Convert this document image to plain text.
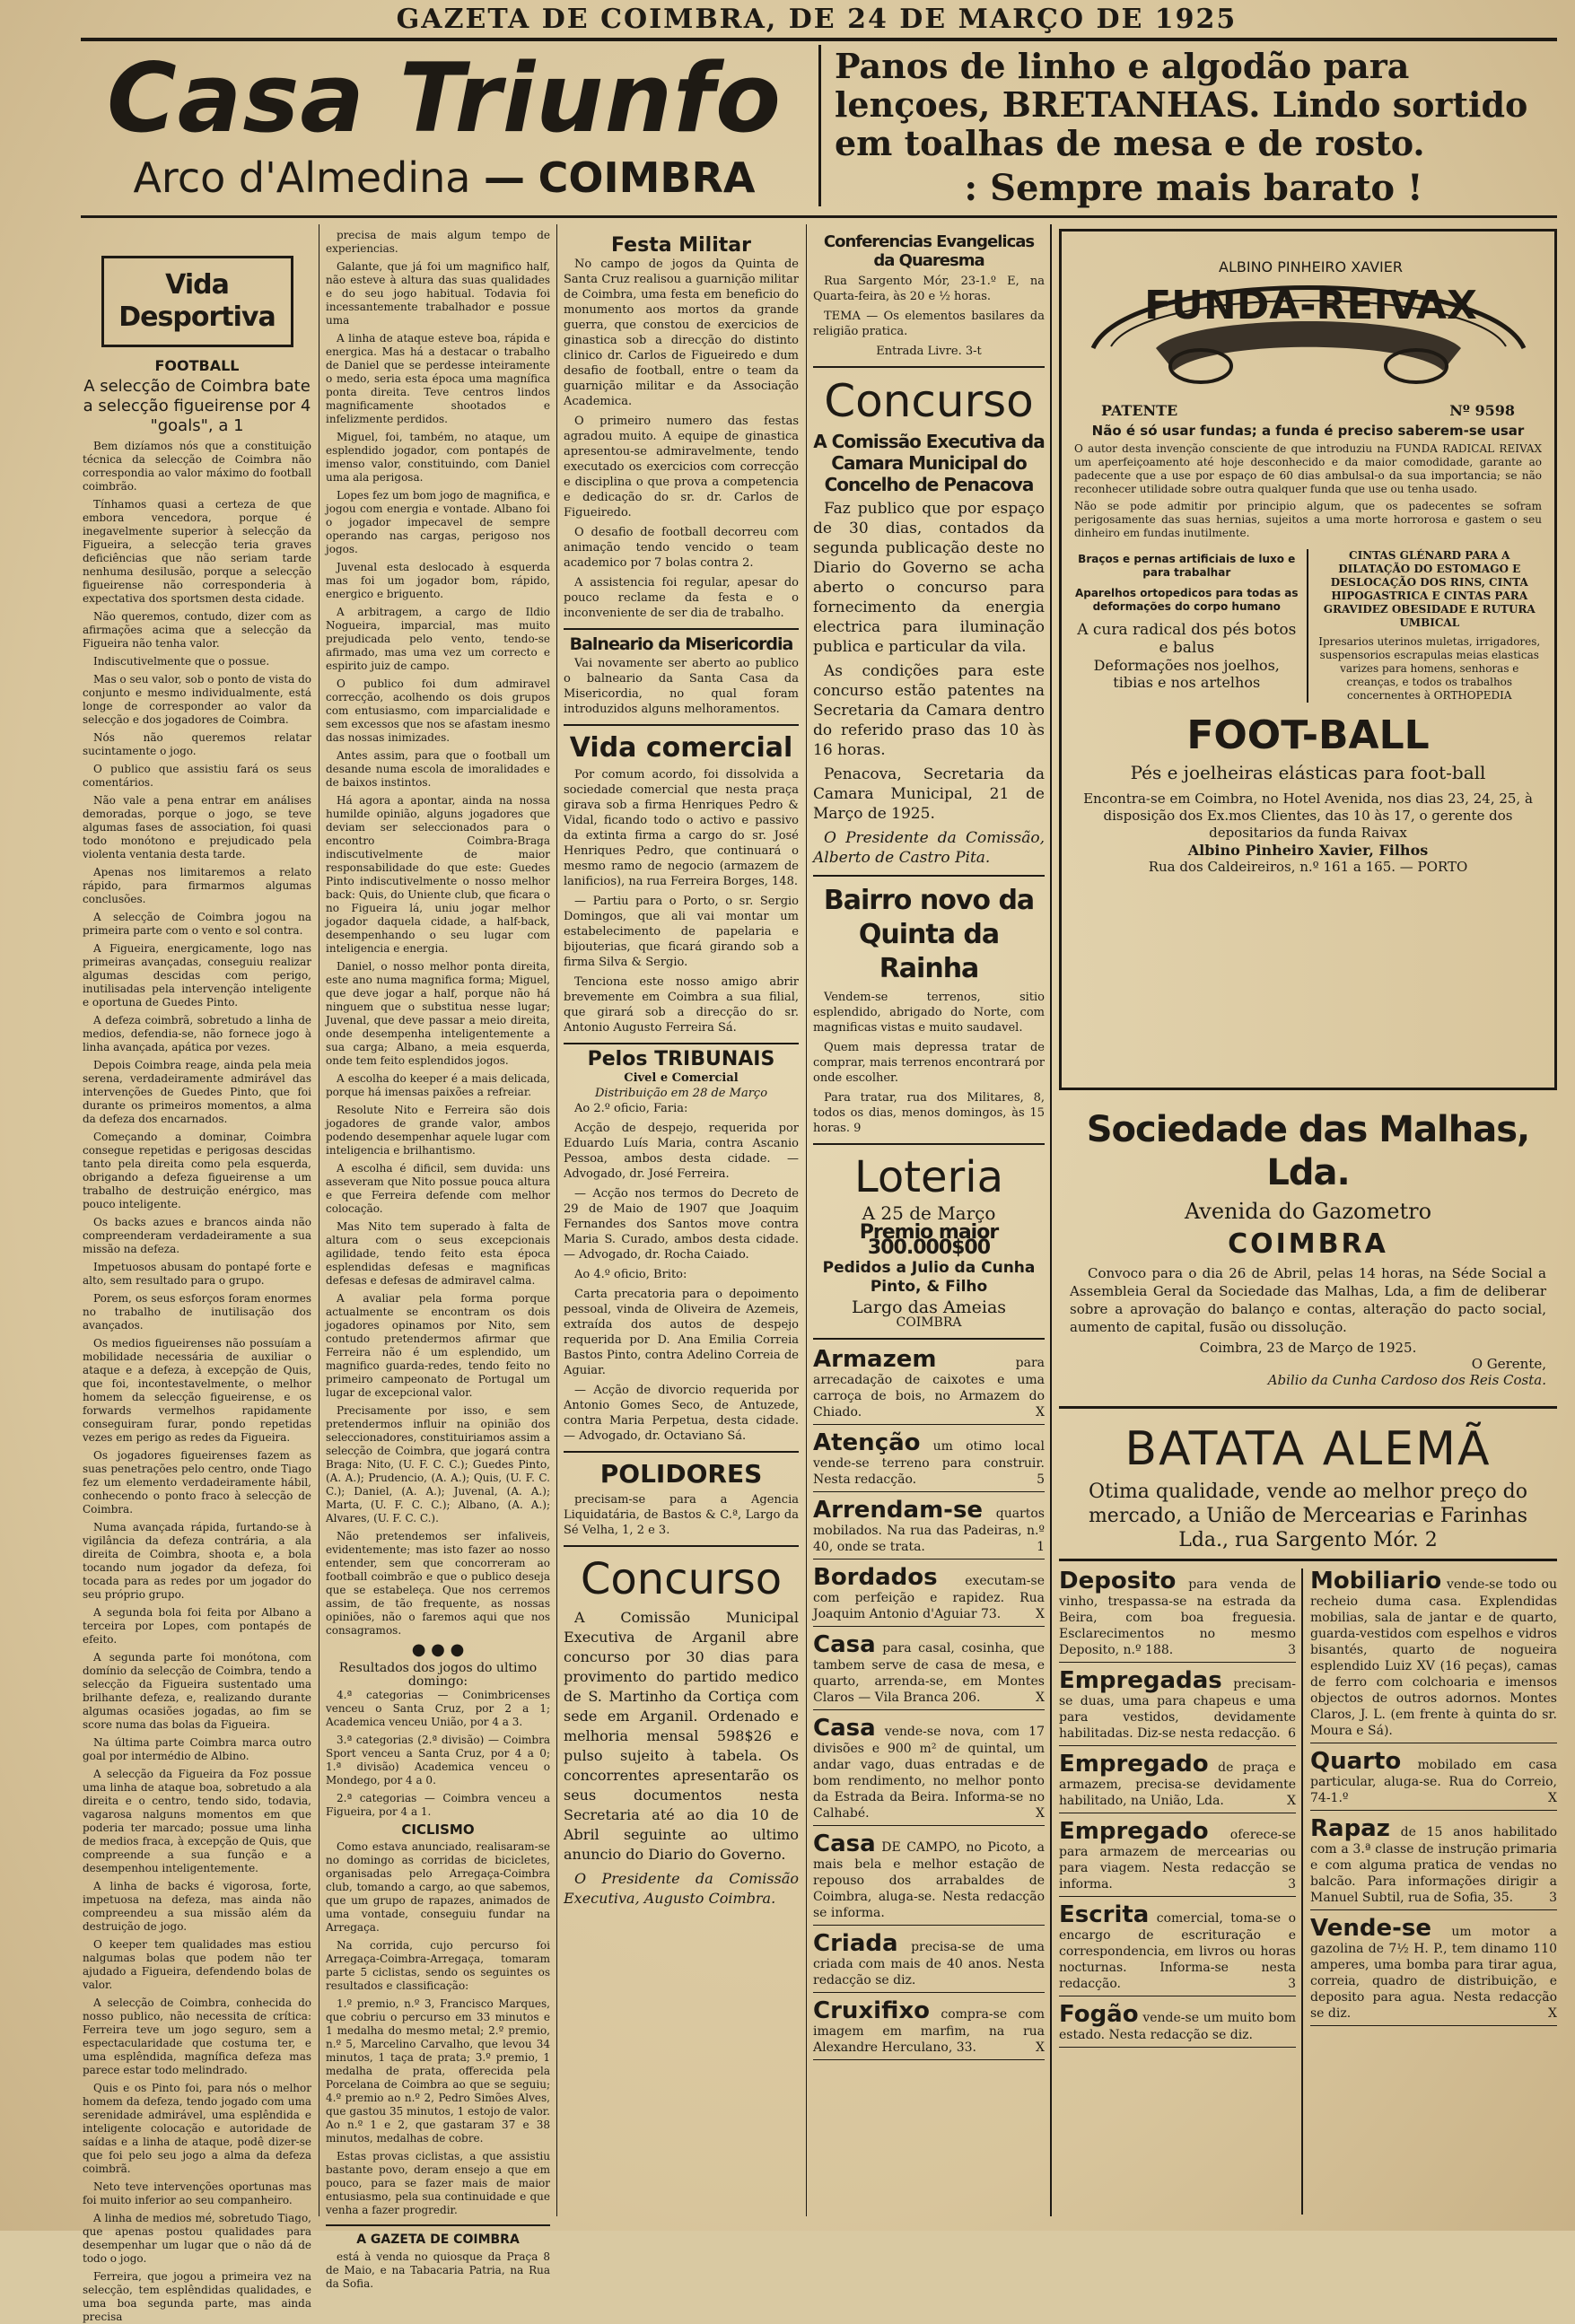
GAZETA DE COIMBRA, DE 24 DE MARÇO DE 1925
Casa Triunfo
Arco d'Almedina — COIMBRA
Panos de linho e algodão para lençoes, BRETANHAS. Lindo sortido em toalhas de mesa e de rosto.
: Sempre mais barato !
Vida Desportiva
FOOTBALL
A selecção de Coimbra bate a selecção figueirense por 4 "goals", a 1

Bem dizíamos nós que a constituição técnica da selecção de Coimbra não correspondia ao valor máximo do football coimbrão.

Tínhamos quasi a certeza de que embora vencedora, porque é inegavelmente superior à selecção da Figueira, a selecção teria graves deficiências que não seriam tarde nenhuma desilusão, porque a selecção figueirense não corresponderia à expectativa dos sportsmen desta cidade.

Não queremos, contudo, dizer com as afirmações acima que a selecção da Figueira não tenha valor.

Indiscutivelmente que o possue.

Mas o seu valor, sob o ponto de vista do conjunto e mesmo individualmente, está longe de corresponder ao valor da selecção e dos jogadores de Coimbra.

Nós não queremos relatar sucintamente o jogo.

O publico que assistiu fará os seus comentários.

Não vale a pena entrar em análises demoradas, porque o jogo, se teve algumas fases de association, foi quasi todo monótono e prejudicado pela violenta ventania desta tarde.

Apenas nos limitaremos a relato rápido, para firmarmos algumas conclusões.

A selecção de Coimbra jogou na primeira parte com o vento e sol contra.

A Figueira, energicamente, logo nas primeiras avançadas, conseguiu realizar algumas descidas com perigo, inutilisadas pela intervenção inteligente e oportuna de Guedes Pinto.

A defeza coimbrã, sobretudo a linha de medios, defendia-se, não fornece jogo à linha avançada, apática por vezes.

Depois Coimbra reage, ainda pela meia serena, verdadeiramente admirável das intervenções de Guedes Pinto, que foi durante os primeiros momentos, a alma da defeza dos encarnados.

Começando a dominar, Coimbra consegue repetidas e perigosas descidas tanto pela direita como pela esquerda, obrigando a defeza figueirense a um trabalho de destruição enérgico, mas pouco inteligente.

Os backs azues e brancos ainda não compreenderam verdadeiramente a sua missão na defeza.

Impetuosos abusam do pontapé forte e alto, sem resultado para o grupo.

Porem, os seus esforços foram enormes no trabalho de inutilisação dos avançados.

Os medios figueirenses não possuíam a mobilidade necessária de auxiliar o ataque e a defeza, à excepção de Quis, que foi, incontestavelmente, o melhor homem da selecção figueirense, e os forwards vermelhos rapidamente conseguiram furar, pondo repetidas vezes em perigo as redes da Figueira.

Os jogadores figueirenses fazem as suas penetrações pelo centro, onde Tiago fez um elemento verdadeiramente hábil, conhecendo o ponto fraco à selecção de Coimbra.

Numa avançada rápida, furtando-se à vigilância da defeza contrária, a ala direita de Coimbra, shoota e, a bola tocando num jogador da defeza, foi tocada para as redes por um jogador do seu próprio grupo.

A segunda bola foi feita por Albano a terceira por Lopes, com pontapés de efeito.

A segunda parte foi monótona, com domínio da selecção de Coimbra, tendo a selecção da Figueira sustentado uma brilhante defeza, e, realizando durante algumas ocasiões jogadas, ao fim se score numa das bolas da Figueira.

Na última parte Coimbra marca outro goal por intermédio de Albino.

A selecção da Figueira da Foz possue uma linha de ataque boa, sobretudo a ala direita e o centro, tendo sido, todavia, vagarosa nalguns momentos em que poderia ter marcado; possue uma linha de medios fraca, à excepção de Quis, que compreende a sua função e a desempenhou inteligentemente.

A linha de backs é vigorosa, forte, impetuosa na defeza, mas ainda não compreendeu a sua missão além da destruição de jogo.

O keeper tem qualidades mas estiou nalgumas bolas que podem não ter ajudado a Figueira, defendendo bolas de valor.

A selecção de Coimbra, conhecida do nosso publico, não necessita de crítica: Ferreira teve um jogo seguro, sem a espectacularidade que costuma ter, e uma esplêndida, magnífica defeza mas parece estar todo melindrado.

Quis e os Pinto foi, para nós o melhor homem da defeza, tendo jogado com uma serenidade admirável, uma esplêndida e inteligente colocação e autoridade de saídas e a linha de ataque, podê dizer-se que foi pelo seu jogo a alma da defeza coimbrã.

Neto teve intervenções oportunas mas foi muito inferior ao seu companheiro.

A linha de medios mé, sobretudo Tiago, que apenas postou qualidades para desempenhar um lugar que o não dá de todo o jogo.

Ferreira, que jogou a primeira vez na selecção, tem esplêndidas qualidades, e uma boa segunda parte, mas ainda precisa

precisa de mais algum tempo de experiencias.

Galante, que já foi um magnifico half, não esteve à altura das suas qualidades e do seu jogo habitual. Todavia foi incessantemente trabalhador e possue uma

A linha de ataque esteve boa, rápida e energica. Mas há a destacar o trabalho de Daniel que se perdesse inteiramente o medo, seria esta época uma magnífica ponta direita. Teve centros lindos magnificamente shootados e infelizmente perdidos.

Miguel, foi, também, no ataque, um esplendido jogador, com pontapés de imenso valor, constituindo, com Daniel uma ala perigosa.

Lopes fez um bom jogo de magnifica, e jogou com energia e vontade. Albano foi o jogador impecavel de sempre operando nas cargas, perigoso nos jogos.

Juvenal esta deslocado à esquerda mas foi um jogador bom, rápido, energico e briguento.

A arbitragem, a cargo de Ildio Nogueira, imparcial, mas muito prejudicada pelo vento, tendo-se afirmado, mas uma vez um correcto e espirito juiz de campo.

O publico foi dum admiravel correcção, acolhendo os dois grupos com entusiasmo, com imparcialidade e sem excessos que nos se afastam inesmo das nossas inimizades.

Antes assim, para que o football um desande numa escola de imoralidades e de baixos instintos.

Há agora a apontar, ainda na nossa humilde opinião, alguns jogadores que deviam ser seleccionados para o encontro Coimbra-Braga indiscutivelmente de maior responsabilidade do que este: Guedes Pinto indiscutivelmente o nosso melhor back: Quis, do Uniente club, que ficara o no Figueira lá, uniu jogar melhor jogador daquela cidade, a half-back, desempenhando o seu lugar com inteligencia e energia.

Daniel, o nosso melhor ponta direita, este ano numa magnifica forma; Miguel, que deve jogar a half, porque não há ninguem que o substitua nesse lugar; Juvenal, que deve passar a meio direita, onde desempenha inteligentemente a sua carga; Albano, a meia esquerda, onde tem feito esplendidos jogos.

A escolha do keeper é a mais delicada, porque há imensas paixões a refreiar.

Resolute Nito e Ferreira são dois jogadores de grande valor, ambos podendo desempenhar aquele lugar com inteligencia e brilhantismo.

A escolha é dificil, sem duvida: uns asseveram que Nito possue pouca altura e que Ferreira defende com melhor colocação.

Mas Nito tem superado à falta de altura com o seus excepcionais agilidade, tendo feito esta época esplendidas defesas e magnificas defesas e defesas de admiravel calma.

A avaliar pela forma porque actualmente se encontram os dois jogadores opinamos por Nito, sem contudo pretendermos afirmar que Ferreira não é um esplendido, um magnifico guarda-redes, tendo feito no primeiro campeonato de Portugal um lugar de excepcional valor.

Precisamente por isso, e sem pretendermos influir na opinião dos seleccionadores, constituiriamos assim a selecção de Coimbra, que jogará contra Braga: Nito, (U. F. C. C.); Guedes Pinto, (A. A.); Prudencio, (A. A.); Quis, (U. F. C. C.); Daniel, (A. A.); Juvenal, (A. A.); Marta, (U. F. C. C.); Albano, (A. A.); Alvares, (U. F. C. C.).

Não pretendemos ser infaliveis, evidentemente; mas isto fazer ao nosso entender, sem que concorreram ao football coimbrão e que o publico deseja que se estabeleça. Que nos cerremos assim, de tão frequente, as nossas opiniões, não o faremos aqui que nos consagramos.

● ● ●
Resultados dos jogos do ultimo domingo:

4.ª categorias — Conimbricenses venceu o Santa Cruz, por 2 a 1; Academica venceu União, por 4 a 3.

3.ª categorias (2.ª divisão) — Coimbra Sport venceu a Santa Cruz, por 4 a 0; 1.ª divisão) Academica venceu o Mondego, por 4 a 0.

2.ª categorias — Coimbra venceu a Figueira, por 4 a 1.

CICLISMO

Como estava anunciado, realisaram-se no domingo as corridas de bicicletes, organisadas pelo Arregaça-Coimbra club, tomando a cargo, ao que sabemos, que um grupo de rapazes, animados de uma vontade, conseguiu fundar na Arregaça.

Na corrida, cujo percurso foi Arregaça-Coimbra-Arregaça, tomaram parte 5 ciclistas, sendo os seguintes os resultados e classificação:

1.º premio, n.º 3, Francisco Marques, que cobriu o percurso em 33 minutos e 1 medalha do mesmo metal; 2.º premio, n.º 5, Marcelino Carvalho, que levou 34 minutos, 1 taça de prata; 3.º premio, 1 medalha de prata, offerecida pela Porcelana de Coimbra ao que se seguiu; 4.º premio ao n.º 2, Pedro Simões Alves, que gastou 35 minutos, 1 estojo de valor. Ao n.º 1 e 2, que gastaram 37 e 38 minutos, medalhas de cobre.

Estas provas ciclistas, a que assistiu bastante povo, deram ensejo a que em pouco, para se fazer mais de maior entusiasmo, pela sua continuidade e que venha a fazer progredir.

A GAZETA DE COIMBRA

está à venda no quiosque da Praça 8 de Maio, e na Tabacaria Patria, na Rua da Sofia.

Festa Militar

No campo de jogos da Quinta de Santa Cruz realisou a guarnição militar de Coimbra, uma festa em beneficio do monumento aos mortos da grande guerra, que constou de exercicios de ginastica sob a direcção do distinto clinico dr. Carlos de Figueiredo e dum desafio de football, entre o team da guarnição militar e da Associação Academica.

O primeiro numero das festas agradou muito. A equipe de ginastica apresentou-se admiravelmente, tendo executado os exercicios com correcção e disciplina o que prova a competencia e dedicação do sr. dr. Carlos de Figueiredo.

O desafio de football decorreu com animação tendo vencido o team academico por 7 bolas contra 2.

A assistencia foi regular, apesar do pouco reclame da festa e o inconveniente de ser dia de trabalho.

Balneario da Misericordia

Vai novamente ser aberto ao publico o balneario da Santa Casa da Misericordia, no qual foram introduzidos alguns melhoramentos.

Vida comercial

Por comum acordo, foi dissolvida a sociedade comercial que nesta praça girava sob a firma Henriques Pedro & Vidal, ficando todo o activo e passivo da extinta firma a cargo do sr. José Henriques Pedro, que continuará o mesmo ramo de negocio (armazem de lanificios), na rua Ferreira Borges, 148.

— Partiu para o Porto, o sr. Sergio Domingos, que ali vai montar um estabelecimento de papelaria e bijouterias, que ficará girando sob a firma Silva & Sergio.

Tenciona este nosso amigo abrir brevemente em Coimbra a sua filial, que girará sob a direcção do sr. Antonio Augusto Ferreira Sá.

Pelos TRIBUNAIS
Civel e Comercial
Distribuição em 28 de Março

Ao 2.º oficio, Faria:

Acção de despejo, requerida por Eduardo Luís Maria, contra Ascanio Pessoa, ambos desta cidade. — Advogado, dr. José Ferreira.

— Acção nos termos do Decreto de 29 de Maio de 1907 que Joaquim Fernandes dos Santos move contra Maria S. Curado, ambos desta cidade. — Advogado, dr. Rocha Caiado.

Ao 4.º oficio, Brito:

Carta precatoria para o depoimento pessoal, vinda de Oliveira de Azemeis, extraída dos autos de despejo requerida por D. Ana Emilia Correia Bastos Pinto, contra Adelino Correia de Aguiar.

— Acção de divorcio requerida por Antonio Gomes Seco, de Antuzede, contra Maria Perpetua, desta cidade. — Advogado, dr. Octaviano Sá.

POLIDORES

precisam-se para a Agencia Liquidatária, de Bastos & C.ª, Largo da Sé Velha, 1, 2 e 3.

Concurso

A Comissão Municipal Executiva de Arganil abre concurso por 30 dias para provimento do partido medico de S. Martinho da Cortiça com sede em Arganil. Ordenado e melhoria mensal 598$26 e pulso sujeito à tabela. Os concorrentes apresentarão os seus documentos nesta Secretaria até ao dia 10 de Abril seguinte ao ultimo anuncio do Diario do Governo.

O Presidente da Comissão Executiva, Augusto Coimbra.

Conferencias Evangelicas da Quaresma

Rua Sargento Mór, 23-1.º E, na Quarta-feira, às 20 e ½ horas.

TEMA — Os elementos basilares da religião pratica.

Entrada Livre. 3-t
Concurso
A Comissão Executiva da Camara Municipal do Concelho de Penacova

Faz publico que por espaço de 30 dias, contados da segunda publicação deste no Diario do Governo se acha aberto o concurso para fornecimento da energia electrica para iluminação publica e particular da vila.

As condições para este concurso estão patentes na Secretaria da Camara dentro do referido praso das 10 às 16 horas.

Penacova, Secretaria da Camara Municipal, 21 de Março de 1925.

O Presidente da Comissão, Alberto de Castro Pita.

Bairro novo da Quinta da Rainha

Vendem-se terrenos, sitio esplendido, abrigado do Norte, com magnificas vistas e muito saudavel.

Quem mais depressa tratar de comprar, mais terrenos encontrará por onde escolher.

Para tratar, rua dos Militares, 8, todos os dias, menos domingos, às 15 horas. 9

Loteria
A 25 de Março
Premio maior 300.000$00
Pedidos a Julio da Cunha Pinto, & Filho
Largo das Ameias
COIMBRA
Armazem	para arrecadação de caixotes e uma carroça de bois, no Armazem do Chiado.	X
Atenção um otimo local vende-se terreno para construir. Nesta redacção.	5
Arrendam-se quartos mobilados. Na rua das Padeiras, n.º 40, onde se trata.	1
Bordados executam-se com perfeição e rapidez. Rua Joaquim Antonio d'Aguiar 73.	X
Casa para casal, cosinha, que tambem serve de casa de mesa, e quarto, arrenda-se, em Montes Claros — Vila Branca 206.	X
Casa vende-se nova, com 17 divisões e 900 m² de quintal, um andar vago, duas entradas e de bom rendimento, no melhor ponto da Estrada da Beira. Informa-se no Calhabé.	X
Casa DE CAMPO, no Picoto, a mais bela e melhor estação de repouso dos arrabaldes de Coimbra, aluga-se. Nesta redacção se informa.
Criada precisa-se de uma criada com mais de 40 anos. Nesta redacção se diz.
Cruxifixo compra-se com imagem em marfim, na rua Alexandre Herculano, 33.	X
ALBINO PINHEIRO XAVIER
FUNDA-REIVAX
PATENTE	Nº 9598
Não é só usar fundas; a funda é preciso saberem-se usar
O autor desta invenção consciente de que introduziu na FUNDA RADICAL REIVAX um aperfeiçoamento até hoje desconhecido e da maior comodidade, garante ao padecente que a use por espaço de 60 dias ambulsal-o da sua importancia; se não reconhecer utilidade sobre outra qualquer funda que use ou tenha usado.
Não se pode admitir por principio algum, que os padecentes se sofram perigosamente das suas hernias, sujeitos a uma morte horrorosa e gastem o seu dinheiro em fundas inutilmente.
Braços e pernas artificiais de luxo e para trabalhar
Aparelhos ortopedicos para todas as deformações do corpo humano
A cura radical dos pés botos e balus
Deformações nos joelhos, tibias e nos artelhos
CINTAS GLÉNARD PARA A DILATAÇÃO DO ESTOMAGO E DESLOCAÇÃO DOS RINS, CINTA HIPOGASTRICA E CINTAS PARA GRAVIDEZ OBESIDADE E RUTURA UMBICAL
Ipresarios uterinos muletas, irrigadores, suspensorios escrapulas meias elasticas varizes para homens, senhoras e creanças, e todos os trabalhos concernentes à ORTHOPEDIA
FOOT-BALL
Pés e joelheiras elásticas para foot-ball
Encontra-se em Coimbra, no Hotel Avenida, nos dias 23, 24, 25, à disposição dos Ex.mos Clientes, das 10 às 17, o gerente dos depositarios da funda Raivax
Albino Pinheiro Xavier, Filhos
Rua dos Caldeireiros, n.º 161 a 165. — PORTO
Sociedade das Malhas, Lda.
Avenida do Gazometro
COIMBRA

Convoco para o dia 26 de Abril, pelas 14 horas, na Séde Social a Assembleia Geral da Sociedade das Malhas, Lda, a fim de deliberar sobre a aprovação do balanço e contas, alteração do pacto social, aumento de capital, fusão ou dissolução.

Coimbra, 23 de Março de 1925.
O Gerente,
Abilio da Cunha Cardoso dos Reis Costa.
BATATA ALEMÃ
Otima qualidade, vende ao melhor preço do mercado, a União de Mercearias e Farinhas Lda., rua Sargento Mór. 2
Deposito para venda de vinho, trespassa-se na estrada da Beira, com boa freguesia. Esclarecimentos no mesmo Deposito, n.º 188.	3
Empregadas precisam-se duas, uma para chapeus e uma para vestidos, devidamente habilitadas. Diz-se nesta redacção. 6
Empregado de praça e armazem, precisa-se devidamente habilitado, na União, Lda.	X
Empregado oferece-se para armazem de mercearias ou para viagem. Nesta redacção se informa.	3
Escrita comercial, toma-se o encargo de escrituração e correspondencia, em livros ou horas nocturnas. Informa-se nesta redacção.	3
Fogão vende-se um muito bom estado. Nesta redacção se diz.
Mobiliario vende-se todo ou recheio duma casa. Explendidas mobilias, sala de jantar e de quarto, guarda-vestidos com espelhos e vidros bisantés, quarto de nogueira esplendido Luiz XV (16 peças), camas de ferro com colchoaria e imensos objectos de outros adornos. Montes Claros, J. L. (em frente à quinta do sr. Moura e Sá).
Quarto mobilado em casa particular, aluga-se. Rua do Correio, 74-1.º	X
Rapaz de 15 anos habilitado com a 3.ª classe de instrução primaria e com alguma pratica de vendas no balcão. Para informações dirigir a Manuel Subtil, rua de Sofia, 35.	3
Vende-se um motor a gazolina de 7½ H. P., tem dinamo 110 amperes, uma bomba para tirar agua, correia, quadro de distribuição, e deposito para agua. Nesta redacção se diz.	X
